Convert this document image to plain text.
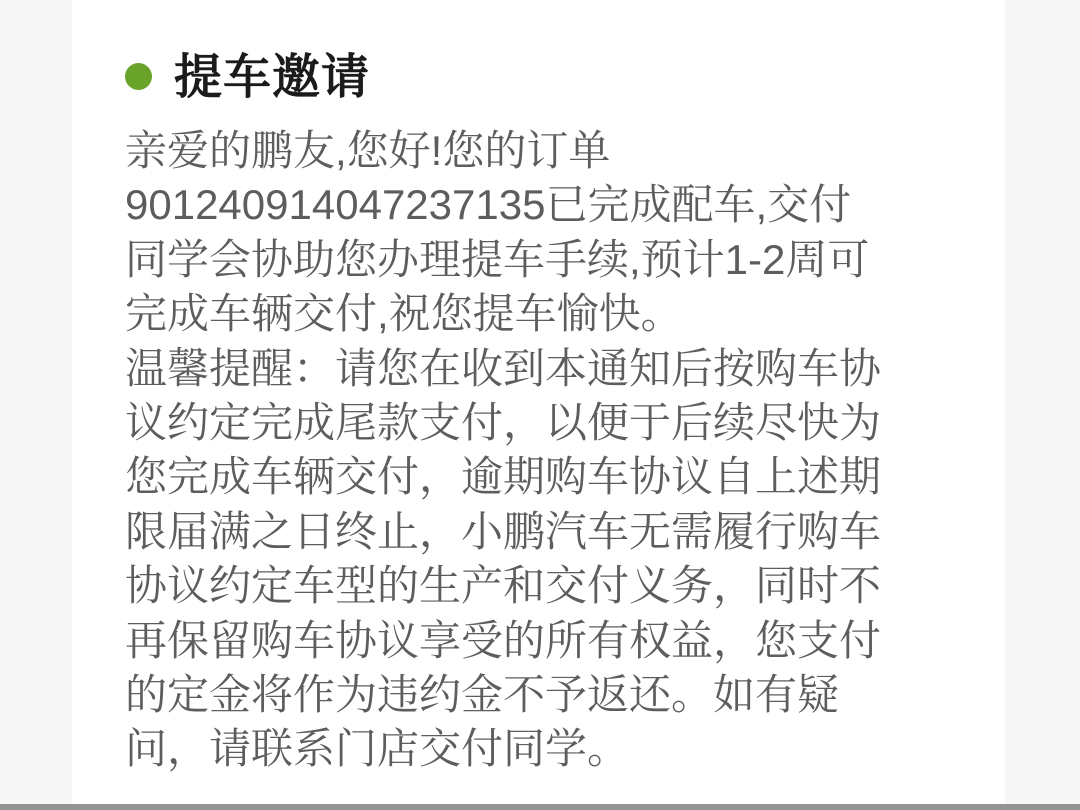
提车邀请
亲爱的鹏友,您好!您的订单
901240914047237135已完成配车,交付
同学会协助您办理提车手续,预计1-2周可
完成车辆交付,祝您提车愉快。
温馨提醒：请您在收到本通知后按购车协
议约定完成尾款支付，以便于后续尽快为
您完成车辆交付，逾期购车协议自上述期
限届满之日终止，小鹏汽车无需履行购车
协议约定车型的生产和交付义务，同时不
再保留购车协议享受的所有权益，您支付
的定金将作为违约金不予返还。如有疑
问，请联系门店交付同学。
